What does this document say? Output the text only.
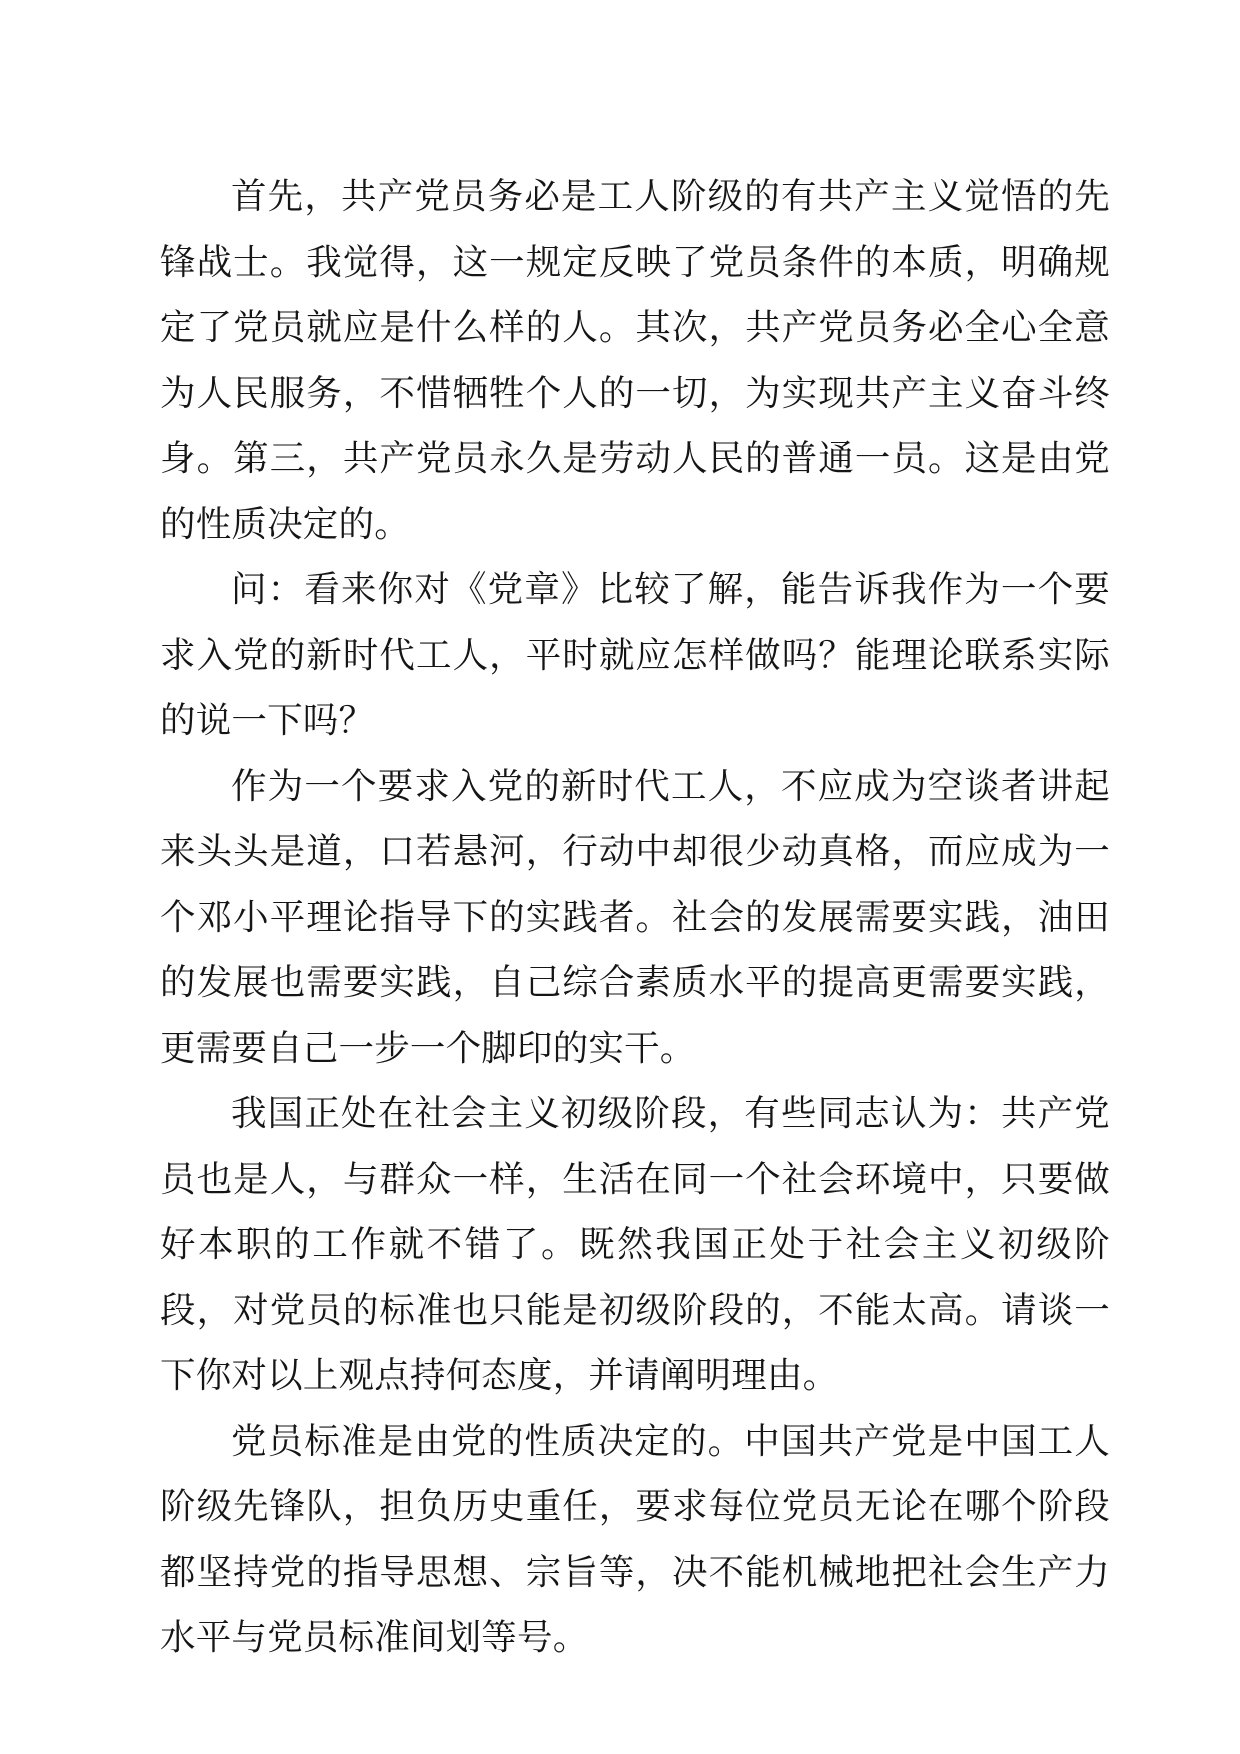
首先，共产党员务必是工人阶级的有共产主义觉悟的先锋战士。我觉得，这一规定反映了党员条件的本质，明确规定了党员就应是什么样的人。其次，共产党员务必全心全意为人民服务，不惜牺牲个人的一切，为实现共产主义奋斗终身。第三，共产党员永久是劳动人民的普通一员。这是由党的性质决定的。

问：看来你对《党章》比较了解，能告诉我作为一个要求入党的新时代工人，平时就应怎样做吗？能理论联系实际的说一下吗？

作为一个要求入党的新时代工人，不应成为空谈者讲起来头头是道，口若悬河，行动中却很少动真格，而应成为一个邓小平理论指导下的实践者。社会的发展需要实践，油田的发展也需要实践，自己综合素质水平的提高更需要实践，更需要自己一步一个脚印的实干。

我国正处在社会主义初级阶段，有些同志认为：共产党员也是人，与群众一样，生活在同一个社会环境中，只要做好本职的工作就不错了。既然我国正处于社会主义初级阶段，对党员的标准也只能是初级阶段的，不能太高。请谈一下你对以上观点持何态度，并请阐明理由。

党员标准是由党的性质决定的。中国共产党是中国工人阶级先锋队，担负历史重任，要求每位党员无论在哪个阶段都坚持党的指导思想、宗旨等，决不能机械地把社会生产力水平与党员标准间划等号。
